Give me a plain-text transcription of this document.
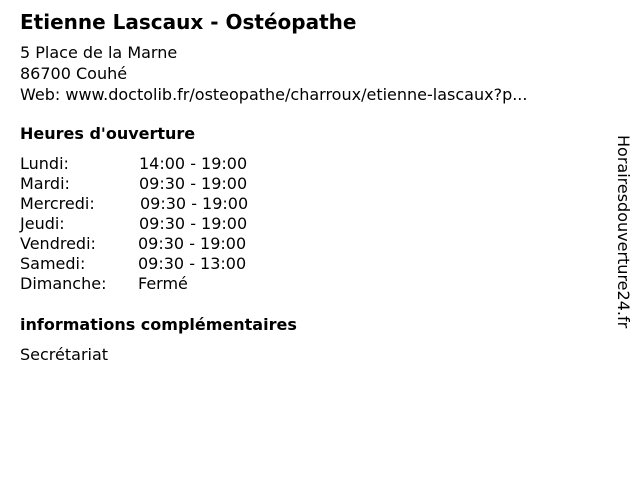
Etienne Lascaux - Ostéopathe
5 Place de la Marne
86700 Couhé
Web: www.doctolib.fr/osteopathe/charroux/etienne-lascaux?p...
Heures d'ouverture
Lundi:	14:00 - 19:00
Mardi:	09:30 - 19:00
Mercredi:	09:30 - 19:00
Jeudi:	09:30 - 19:00
Vendredi:	09:30 - 19:00
Samedi:	09:30 - 13:00
Dimanche: Fermé
informations complémentaires
Secrétariat
Horairesdouverture24.fr
